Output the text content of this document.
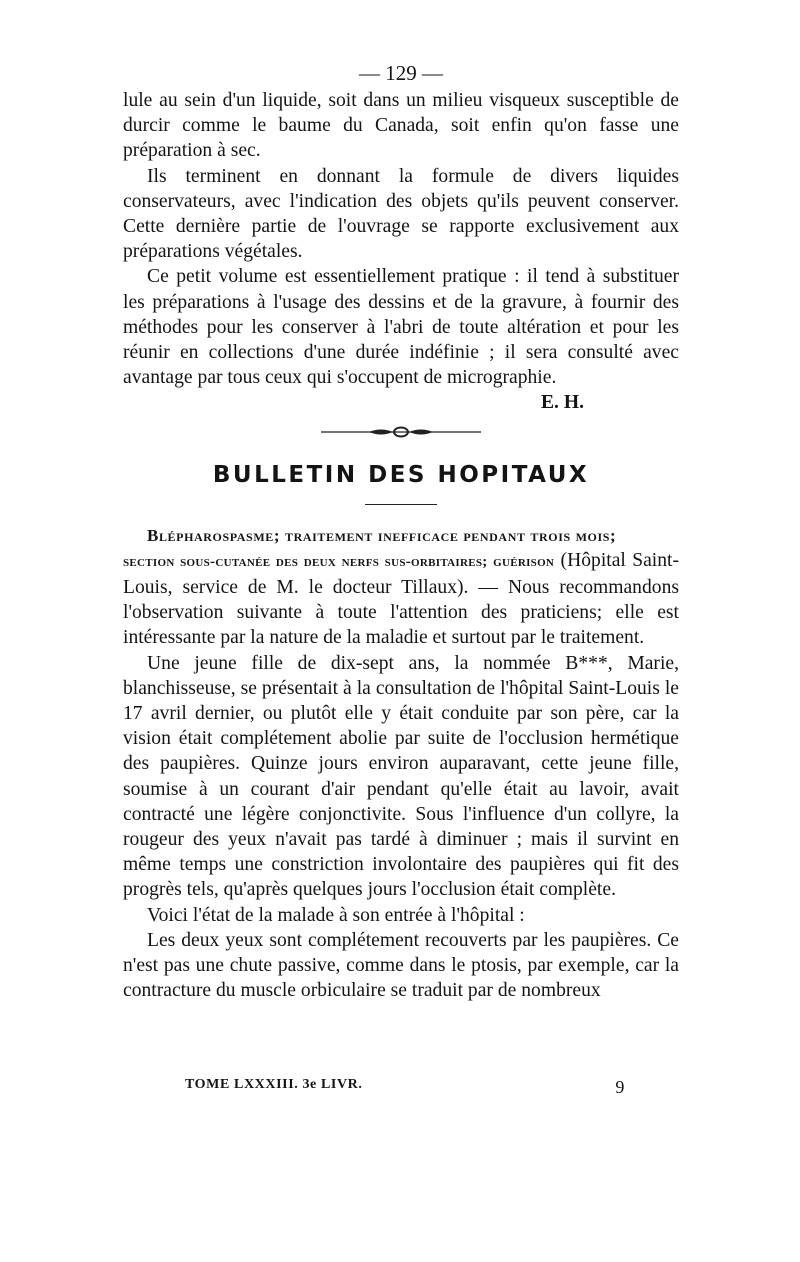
— 129 —

lule au sein d'un liquide, soit dans un milieu visqueux susceptible de durcir comme le baume du Canada, soit enfin qu'on fasse une préparation à sec.

Ils terminent en donnant la formule de divers liquides conservateurs, avec l'indication des objets qu'ils peuvent conserver. Cette dernière partie de l'ouvrage se rapporte exclusivement aux préparations végétales.

Ce petit volume est essentiellement pratique : il tend à substituer les préparations à l'usage des dessins et de la gravure, à fournir des méthodes pour les conserver à l'abri de toute altération et pour les réunir en collections d'une durée indéfinie ; il sera consulté avec avantage par tous ceux qui s'occupent de micrographie.

E. H.
BULLETIN DES HOPITAUX

Blépharospasme; traitement inefficace pendant trois mois;

section sous-cutanée des deux nerfs sus-orbitaires; guérison (Hôpital Saint-Louis, service de M. le docteur Tillaux). — Nous recommandons l'observation suivante à toute l'attention des praticiens; elle est intéressante par la nature de la maladie et surtout par le traitement.

Une jeune fille de dix-sept ans, la nommée B***, Marie, blanchisseuse, se présentait à la consultation de l'hôpital Saint-Louis le 17 avril dernier, ou plutôt elle y était conduite par son père, car la vision était complétement abolie par suite de l'occlusion hermétique des paupières. Quinze jours environ auparavant, cette jeune fille, soumise à un courant d'air pendant qu'elle était au lavoir, avait contracté une légère conjonctivite. Sous l'influence d'un collyre, la rougeur des yeux n'avait pas tardé à diminuer ; mais il survint en même temps une constriction involontaire des paupières qui fit des progrès tels, qu'après quelques jours l'occlusion était complète.

Voici l'état de la malade à son entrée à l'hôpital :

Les deux yeux sont complétement recouverts par les paupières. Ce n'est pas une chute passive, comme dans le ptosis, par exemple, car la contracture du muscle orbiculaire se traduit par de nombreux

TOME LXXXIII. 3e LIVR.	9
